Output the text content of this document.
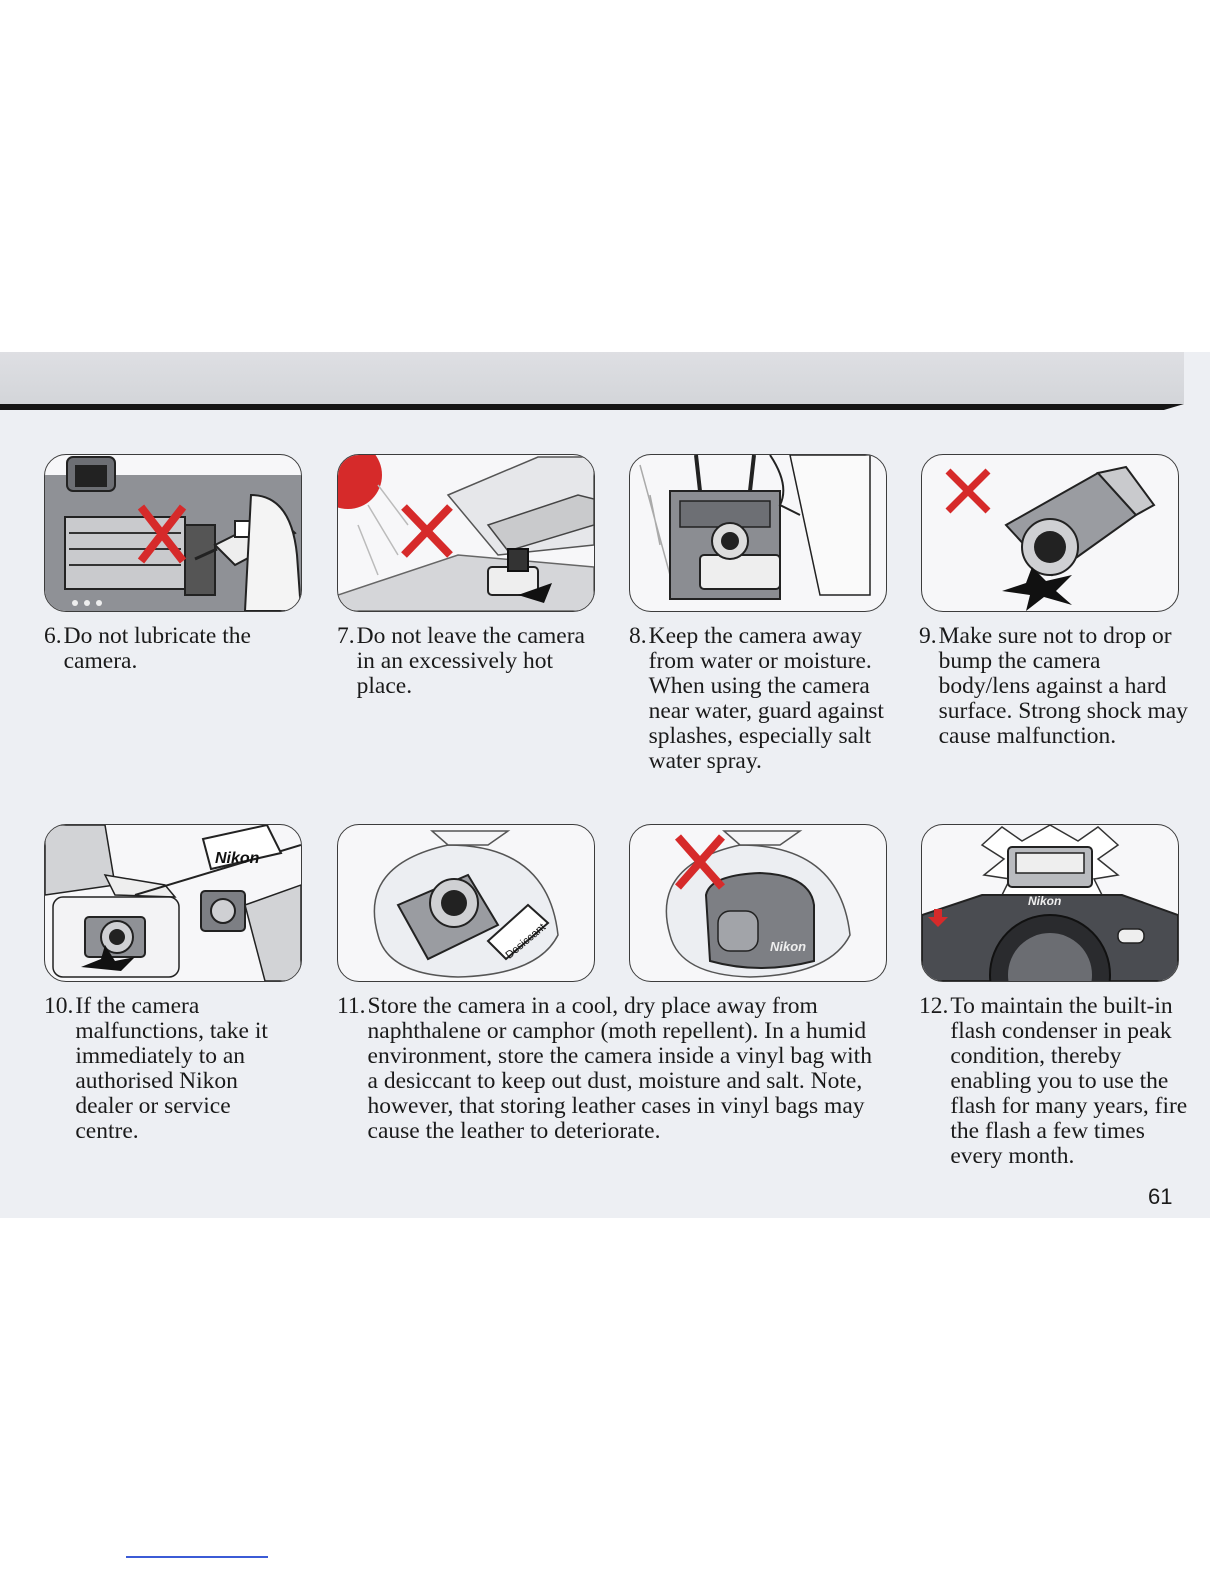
Nikon
Desiccant	Nikon
Nikon
6. Do not lubricate the camera.
7. Do not leave the camera in an excessively hot place.
8. Keep the camera away from water or moisture. When using the camera near water, guard against splashes, especially salt water spray.
9. Make sure not to drop or bump the camera body/lens against a hard surface. Strong shock may cause malfunction.
10. If the camera malfunctions, take it immediately to an authorised Nikon dealer or service centre.
11. Store the camera in a cool, dry place away from naphthalene or camphor (moth repellent). In a humid environment, store the camera inside a vinyl bag with a desiccant to keep out dust, moisture and salt. Note, however, that storing leather cases in vinyl bags may cause the leather to deteriorate.
12. To maintain the built-in flash condenser in peak condition, thereby enabling you to use the flash for many years, fire the flash a few times every month.
61
